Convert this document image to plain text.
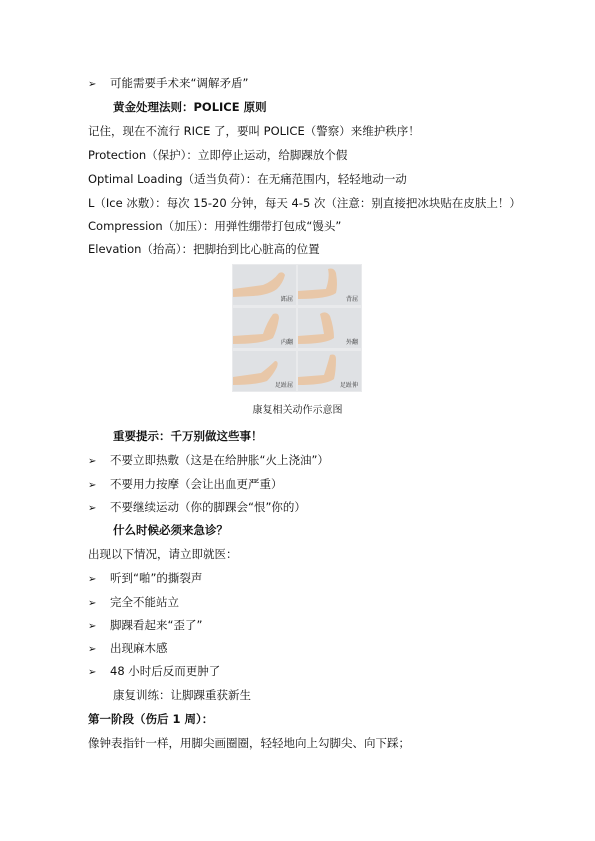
➢ 可能需要手术来“调解矛盾”
黄金处理法则：POLICE 原则
记住，现在不流行 RICE 了，要叫 POLICE（警察）来维护秩序！
Protection（保护）：立即停止运动，给脚踝放个假
Optimal Loading（适当负荷）：在无痛范围内，轻轻地动一动
L（Ice 冰敷）：每次 15-20 分钟，每天 4-5 次（注意：别直接把冰块贴在皮肤上！）
Compression（加压）：用弹性绷带打包成“馒头”
Elevation（抬高）：把脚抬到比心脏高的位置
跖屈	背屈
内翻	外翻
足趾屈	足趾伸
康复相关动作示意图
重要提示：千万别做这些事！
➢ 不要立即热敷（这是在给肿胀“火上浇油”）
➢ 不要用力按摩（会让出血更严重）
➢ 不要继续运动（你的脚踝会“恨”你的）
什么时候必须来急诊？
出现以下情况，请立即就医：
➢ 听到“啪”的撕裂声
➢ 完全不能站立
➢ 脚踝看起来“歪了”
➢ 出现麻木感
➢ 48 小时后反而更肿了
康复训练：让脚踝重获新生
第一阶段（伤后 1 周）：
像钟表指针一样，用脚尖画圈圈，轻轻地向上勾脚尖、向下踩；
